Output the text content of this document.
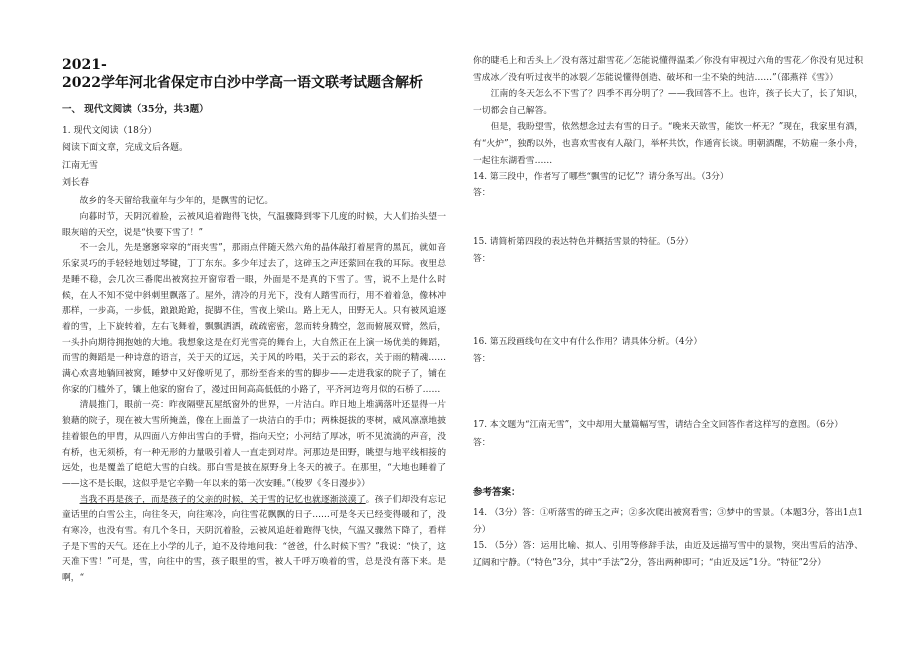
2021-
2022学年河北省保定市白沙中学高一语文联考试题含解析
一、 现代文阅读（35分，共3题）
1. 现代文阅读（18分）
阅读下面文章，完成文后各题。
江南无雪
刘长春

故乡的冬天留给我童年与少年的，是飘雪的记忆。

向暮时节，天阴沉着脸，云被风追着跑得飞快，气温骤降到零下几度的时候，大人们抬头望一眼灰暗的天空，说是“快要下雪了！”

不一会儿，先是窸窸窣窣的“雨夹雪”，那雨点伴随天然六角的晶体敲打着屋背的黑瓦，就如音乐家灵巧的手轻轻地划过琴键，丁丁东东。多少年过去了，这碎玉之声还萦回在我的耳际。夜里总是睡不稳，会几次三番爬出被窝拉开窗帘看一眼，外面是不是真的下雪了。雪，说不上是什么时候，在人不知不觉中斜刺里飘落了。屋外，清冷的月光下，没有人踏雪而行，用不着着急，像林冲那样，一步高，一步低，踉踉跄跄，捉脚不住，雪夜上梁山。路上无人，田野无人。只有被风追逐着的雪，上下旋转着，左右飞舞着，飘飘洒洒，疏疏密密，忽而转身腾空，忽而俯展双臂，然后，一头扑向期待拥抱她的大地。我想象这是在灯光雪亮的舞台上，大自然正在上演一场优美的舞蹈，而雪的舞蹈是一种诗意的语言，关于天的辽远，关于风的吟唱，关于云的彩衣，关于雨的精魂……满心欢喜地躺回被窝，睡梦中又好像听见了，那纷至沓来的雪的脚步——走进我家的院子了，铺在你家的门槛外了，镶上他家的窗台了，漫过田间高高低低的小路了，平齐河边弯月似的石桥了……

清晨推门，眼前一亮：昨夜隔壁瓦屋纸窗外的世界，一片洁白。昨日地上堆满落叶还显得一片狼藉的院子，现在被大雪所掩盖，像在上面盖了一块洁白的手巾；两株挺拔的枣树，威风凛凛地披挂着银色的甲胄，从四面八方伸出雪白的手臂，指向天空；小河结了厚冰，听不见流淌的声音，没有桥，也无须桥，有一种无形的力量吸引着人一直走到对岸。河那边是田野，眺望与地平线相接的远处，也是覆盖了皑皑大雪的白线。那白雪是披在原野身上冬天的被子。在那里，“大地也睡着了——这不是长眠，这似乎是它辛勤一年以来的第一次安睡。”（梭罗《冬日漫步》）

当我不再是孩子，而是孩子的父亲的时候，关于雪的记忆也就逐渐淡漠了。孩子们却没有忘记童话里的白雪公主，向往冬天，向往寒冷，向往雪花飘飘的日子……可是冬天已经变得暖和了，没有寒冷，也没有雪。有几个冬日，天阴沉着脸，云被风追赶着跑得飞快，气温又骤然下降了，看样子是下雪的天气。还在上小学的儿子，迫不及待地问我：“爸爸，什么时候下雪？”我说：“快了，这天准下雪！”可是，雪，向往中的雪，孩子眼里的雪，被人千呼万唤着的雪，总是没有落下来。是啊，“

你的睫毛上和舌头上／没有落过甜雪花／怎能说懂得温柔／你没有审视过六角的雪花／你没有见过积雪成冰／没有听过夜半的冰裂／怎能说懂得创造、破坏和一尘不染的纯洁……”（邵燕祥《雪》）

江南的冬天怎么不下雪了？四季不再分明了？——我回答不上。也许，孩子长大了，长了知识，一切都会自己解答。

但是，我盼望雪，依然想念过去有雪的日子。“晚来天欲雪，能饮一杯无？”现在，我家里有酒，有“火炉”，独酌以外，也喜欢雪夜有人敲门，举杯共饮，作通宵长谈。明朝酒醒，不妨雇一条小舟，一起往东湖看雪……

14. 第三段中，作者写了哪些“飘雪的记忆”？请分条写出。（3分）

答：
15. 请简析第四段的表达特色并概括雪景的特征。（5分）
答：
16. 第五段画线句在文中有什么作用？请具体分析。（4分）
答：
17. 本文题为“江南无雪”，文中却用大量篇幅写雪，请结合全文回答作者这样写的意图。（6分）
答：
参考答案：

14. （3分）答：①听落雪的碎玉之声；②多次爬出被窝看雪；③梦中的雪景。（本题3分，答出1点1分）

15. （5分）答：运用比喻、拟人、引用等修辞手法，由近及远描写雪中的景物，突出雪后的洁净、辽阔和宁静。（“特色”3分，其中“手法”2分，答出两种即可；“由近及远”1分。“特征”2分）
